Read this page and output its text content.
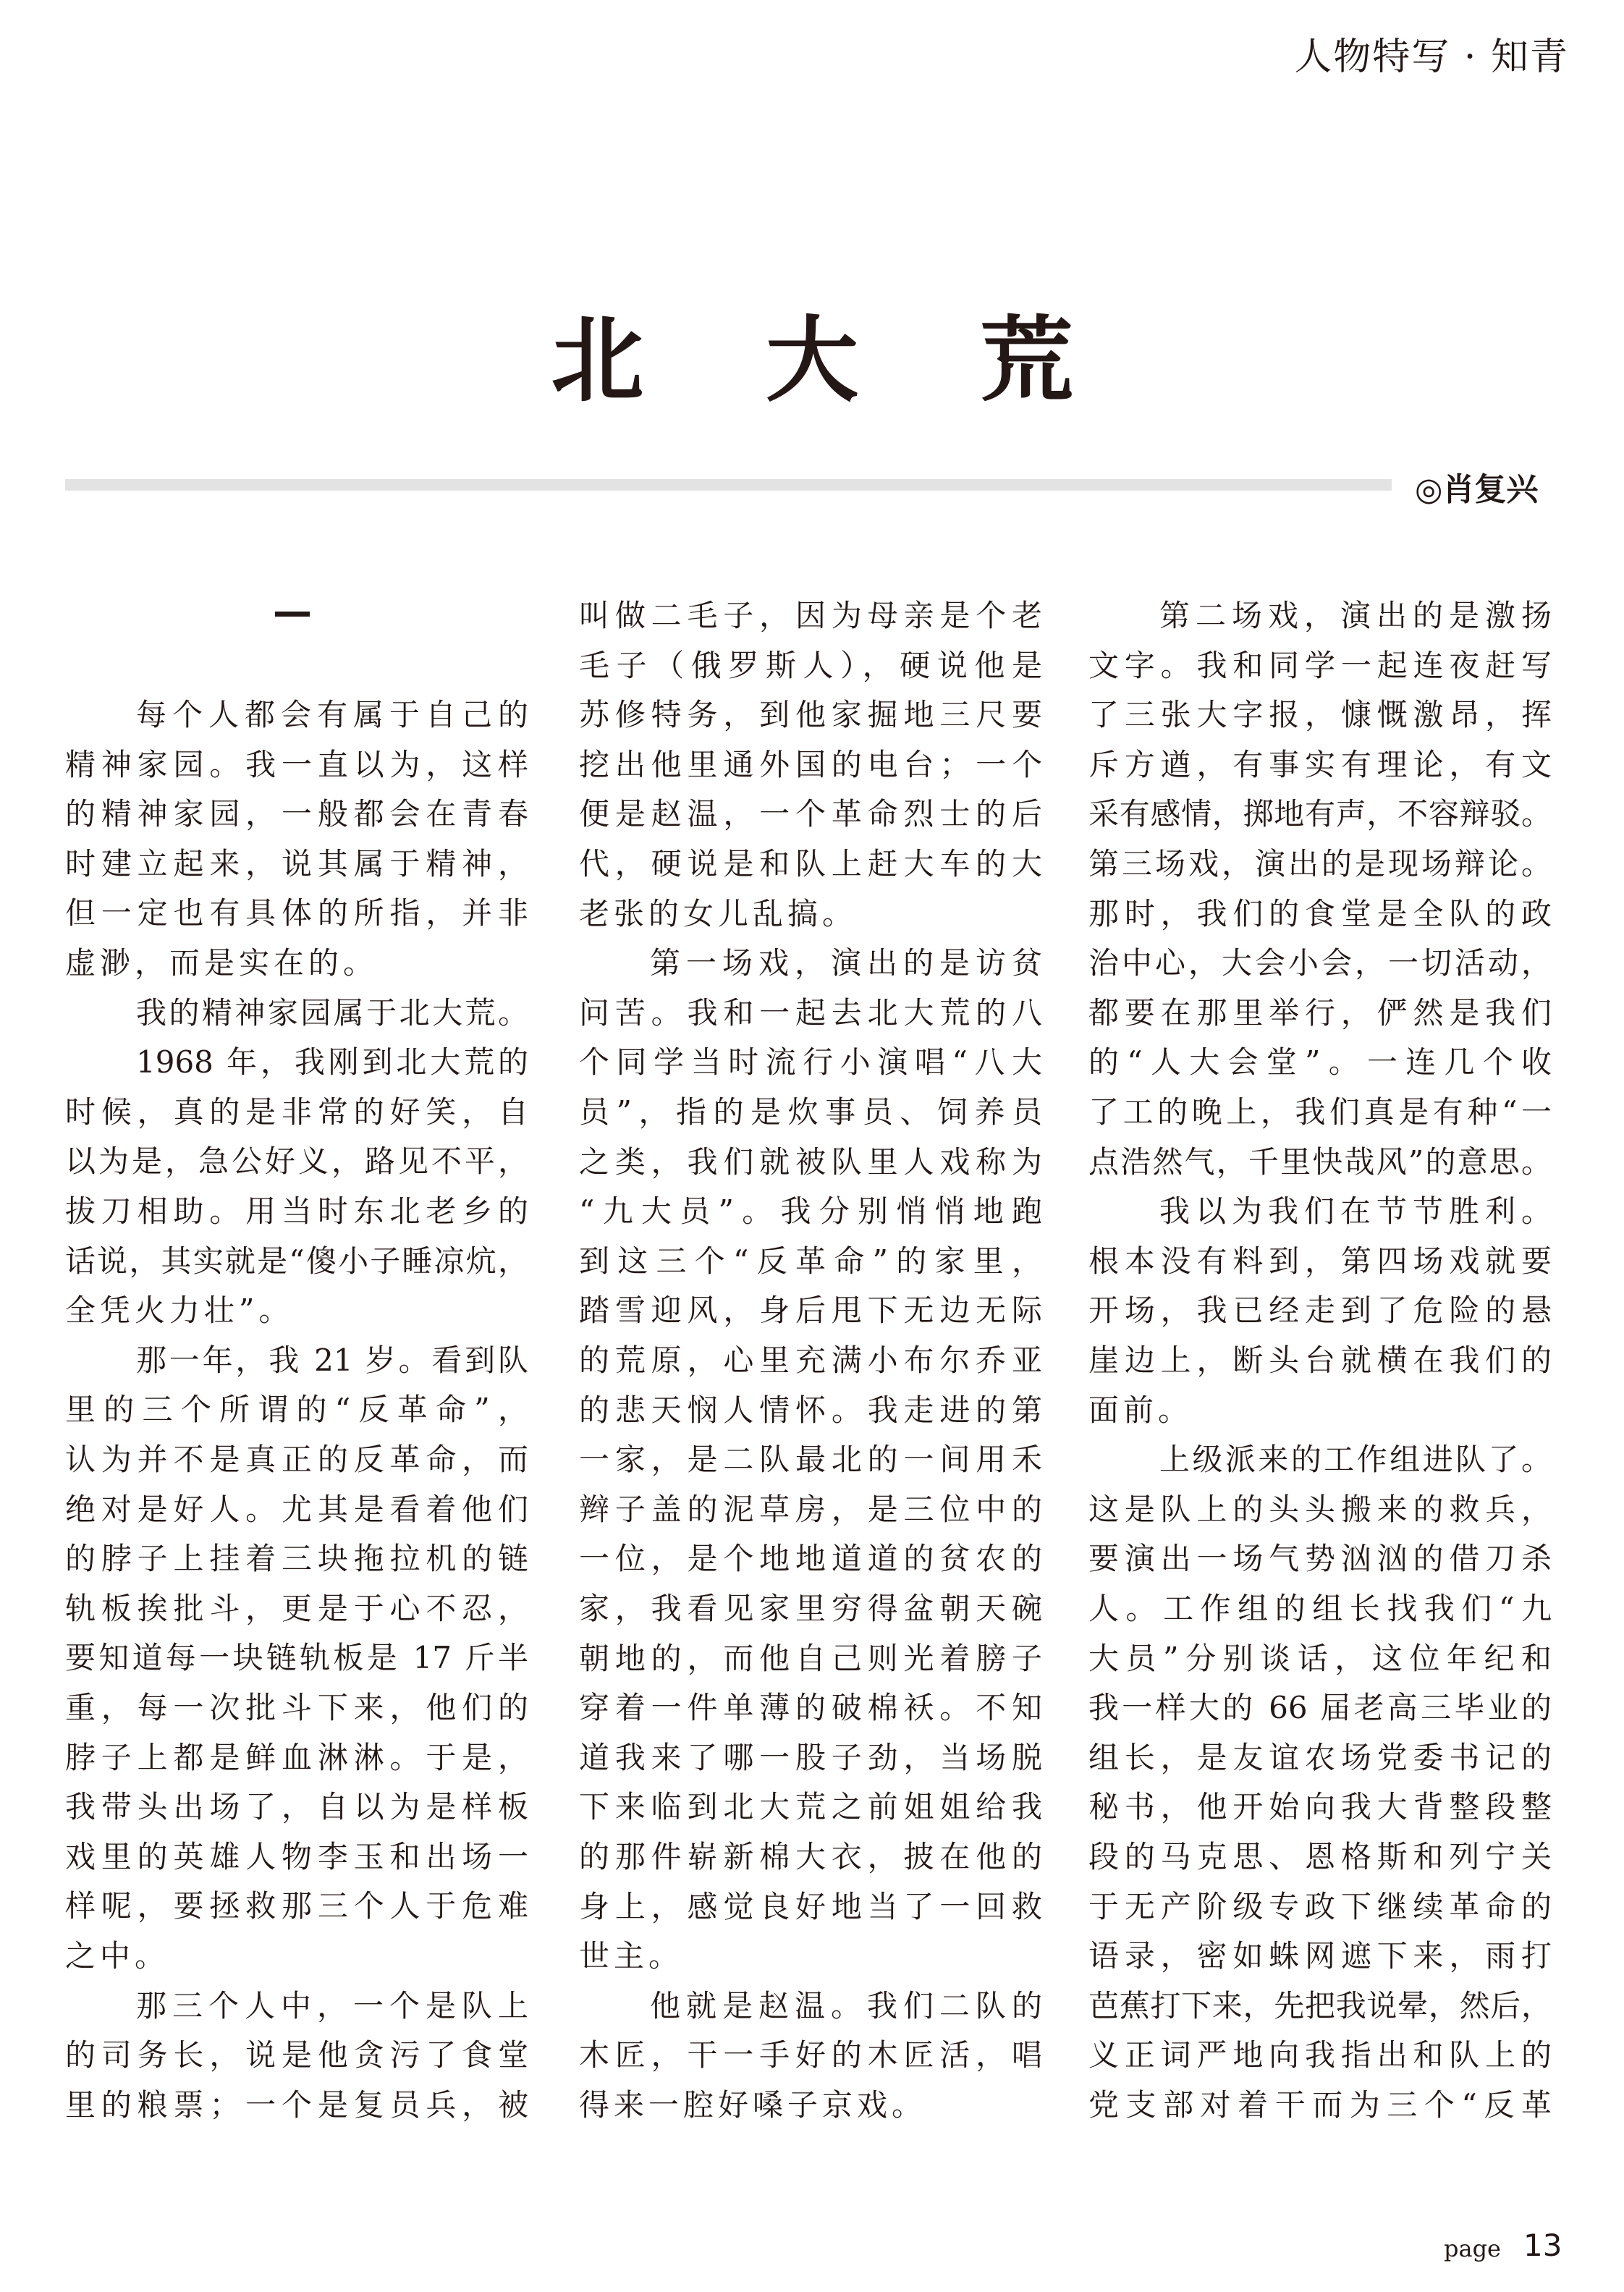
人物特写 · 知青
北 大 荒
◎肖复兴
每个人都会有属于自己的
精神家园。我一直以为，这样
的精神家园，一般都会在青春
时建立起来，说其属于精神，
但一定也有具体的所指，并非
虚渺，而是实在的。
我的精神家园属于北大荒。
1968 年，我刚到北大荒的
时候，真的是非常的好笑，自
以为是，急公好义，路见不平，
拔刀相助。用当时东北老乡的
话说，其实就是“傻小子睡凉炕，
全凭火力壮”。
那一年，我 21 岁。看到队
里的三个所谓的“反革命”，
认为并不是真正的反革命，而
绝对是好人。尤其是看着他们
的脖子上挂着三块拖拉机的链
轨板挨批斗，更是于心不忍，
要知道每一块链轨板是 17 斤半
重，每一次批斗下来，他们的
脖子上都是鲜血淋淋。于是，
我带头出场了，自以为是样板
戏里的英雄人物李玉和出场一
样呢，要拯救那三个人于危难
之中。
那三个人中，一个是队上
的司务长，说是他贪污了食堂
里的粮票；一个是复员兵，被
叫做二毛子，因为母亲是个老
毛子（俄罗斯人），硬说他是
苏修特务，到他家掘地三尺要
挖出他里通外国的电台；一个
便是赵温，一个革命烈士的后
代，硬说是和队上赶大车的大
老张的女儿乱搞。
第一场戏，演出的是访贫
问苦。我和一起去北大荒的八
个同学当时流行小演唱“八大
员”，指的是炊事员、饲养员
之类，我们就被队里人戏称为
“九大员”。我分别悄悄地跑
到这三个“反革命”的家里，
踏雪迎风，身后甩下无边无际
的荒原，心里充满小布尔乔亚
的悲天悯人情怀。我走进的第
一家，是二队最北的一间用禾
辫子盖的泥草房，是三位中的
一位，是个地地道道的贫农的
家，我看见家里穷得盆朝天碗
朝地的，而他自己则光着膀子
穿着一件单薄的破棉袄。不知
道我来了哪一股子劲，当场脱
下来临到北大荒之前姐姐给我
的那件崭新棉大衣，披在他的
身上，感觉良好地当了一回救
世主。
他就是赵温。我们二队的
木匠，干一手好的木匠活，唱
得来一腔好嗓子京戏。
第二场戏，演出的是激扬
文字。我和同学一起连夜赶写
了三张大字报，慷慨激昂，挥
斥方遒，有事实有理论，有文
采有感情，掷地有声，不容辩驳。
第三场戏，演出的是现场辩论。
那时，我们的食堂是全队的政
治中心，大会小会，一切活动，
都要在那里举行，俨然是我们
的“人大会堂”。一连几个收
了工的晚上，我们真是有种“一
点浩然气，千里快哉风”的意思。
我以为我们在节节胜利。
根本没有料到，第四场戏就要
开场，我已经走到了危险的悬
崖边上，断头台就横在我们的
面前。
上级派来的工作组进队了。
这是队上的头头搬来的救兵，
要演出一场气势汹汹的借刀杀
人。工作组的组长找我们“九
大员”分别谈话，这位年纪和
我一样大的 66 届老高三毕业的
组长，是友谊农场党委书记的
秘书，他开始向我大背整段整
段的马克思、恩格斯和列宁关
于无产阶级专政下继续革命的
语录，密如蛛网遮下来，雨打
芭蕉打下来，先把我说晕，然后，
义正词严地向我指出和队上的
党支部对着干而为三个“反革
page 13
